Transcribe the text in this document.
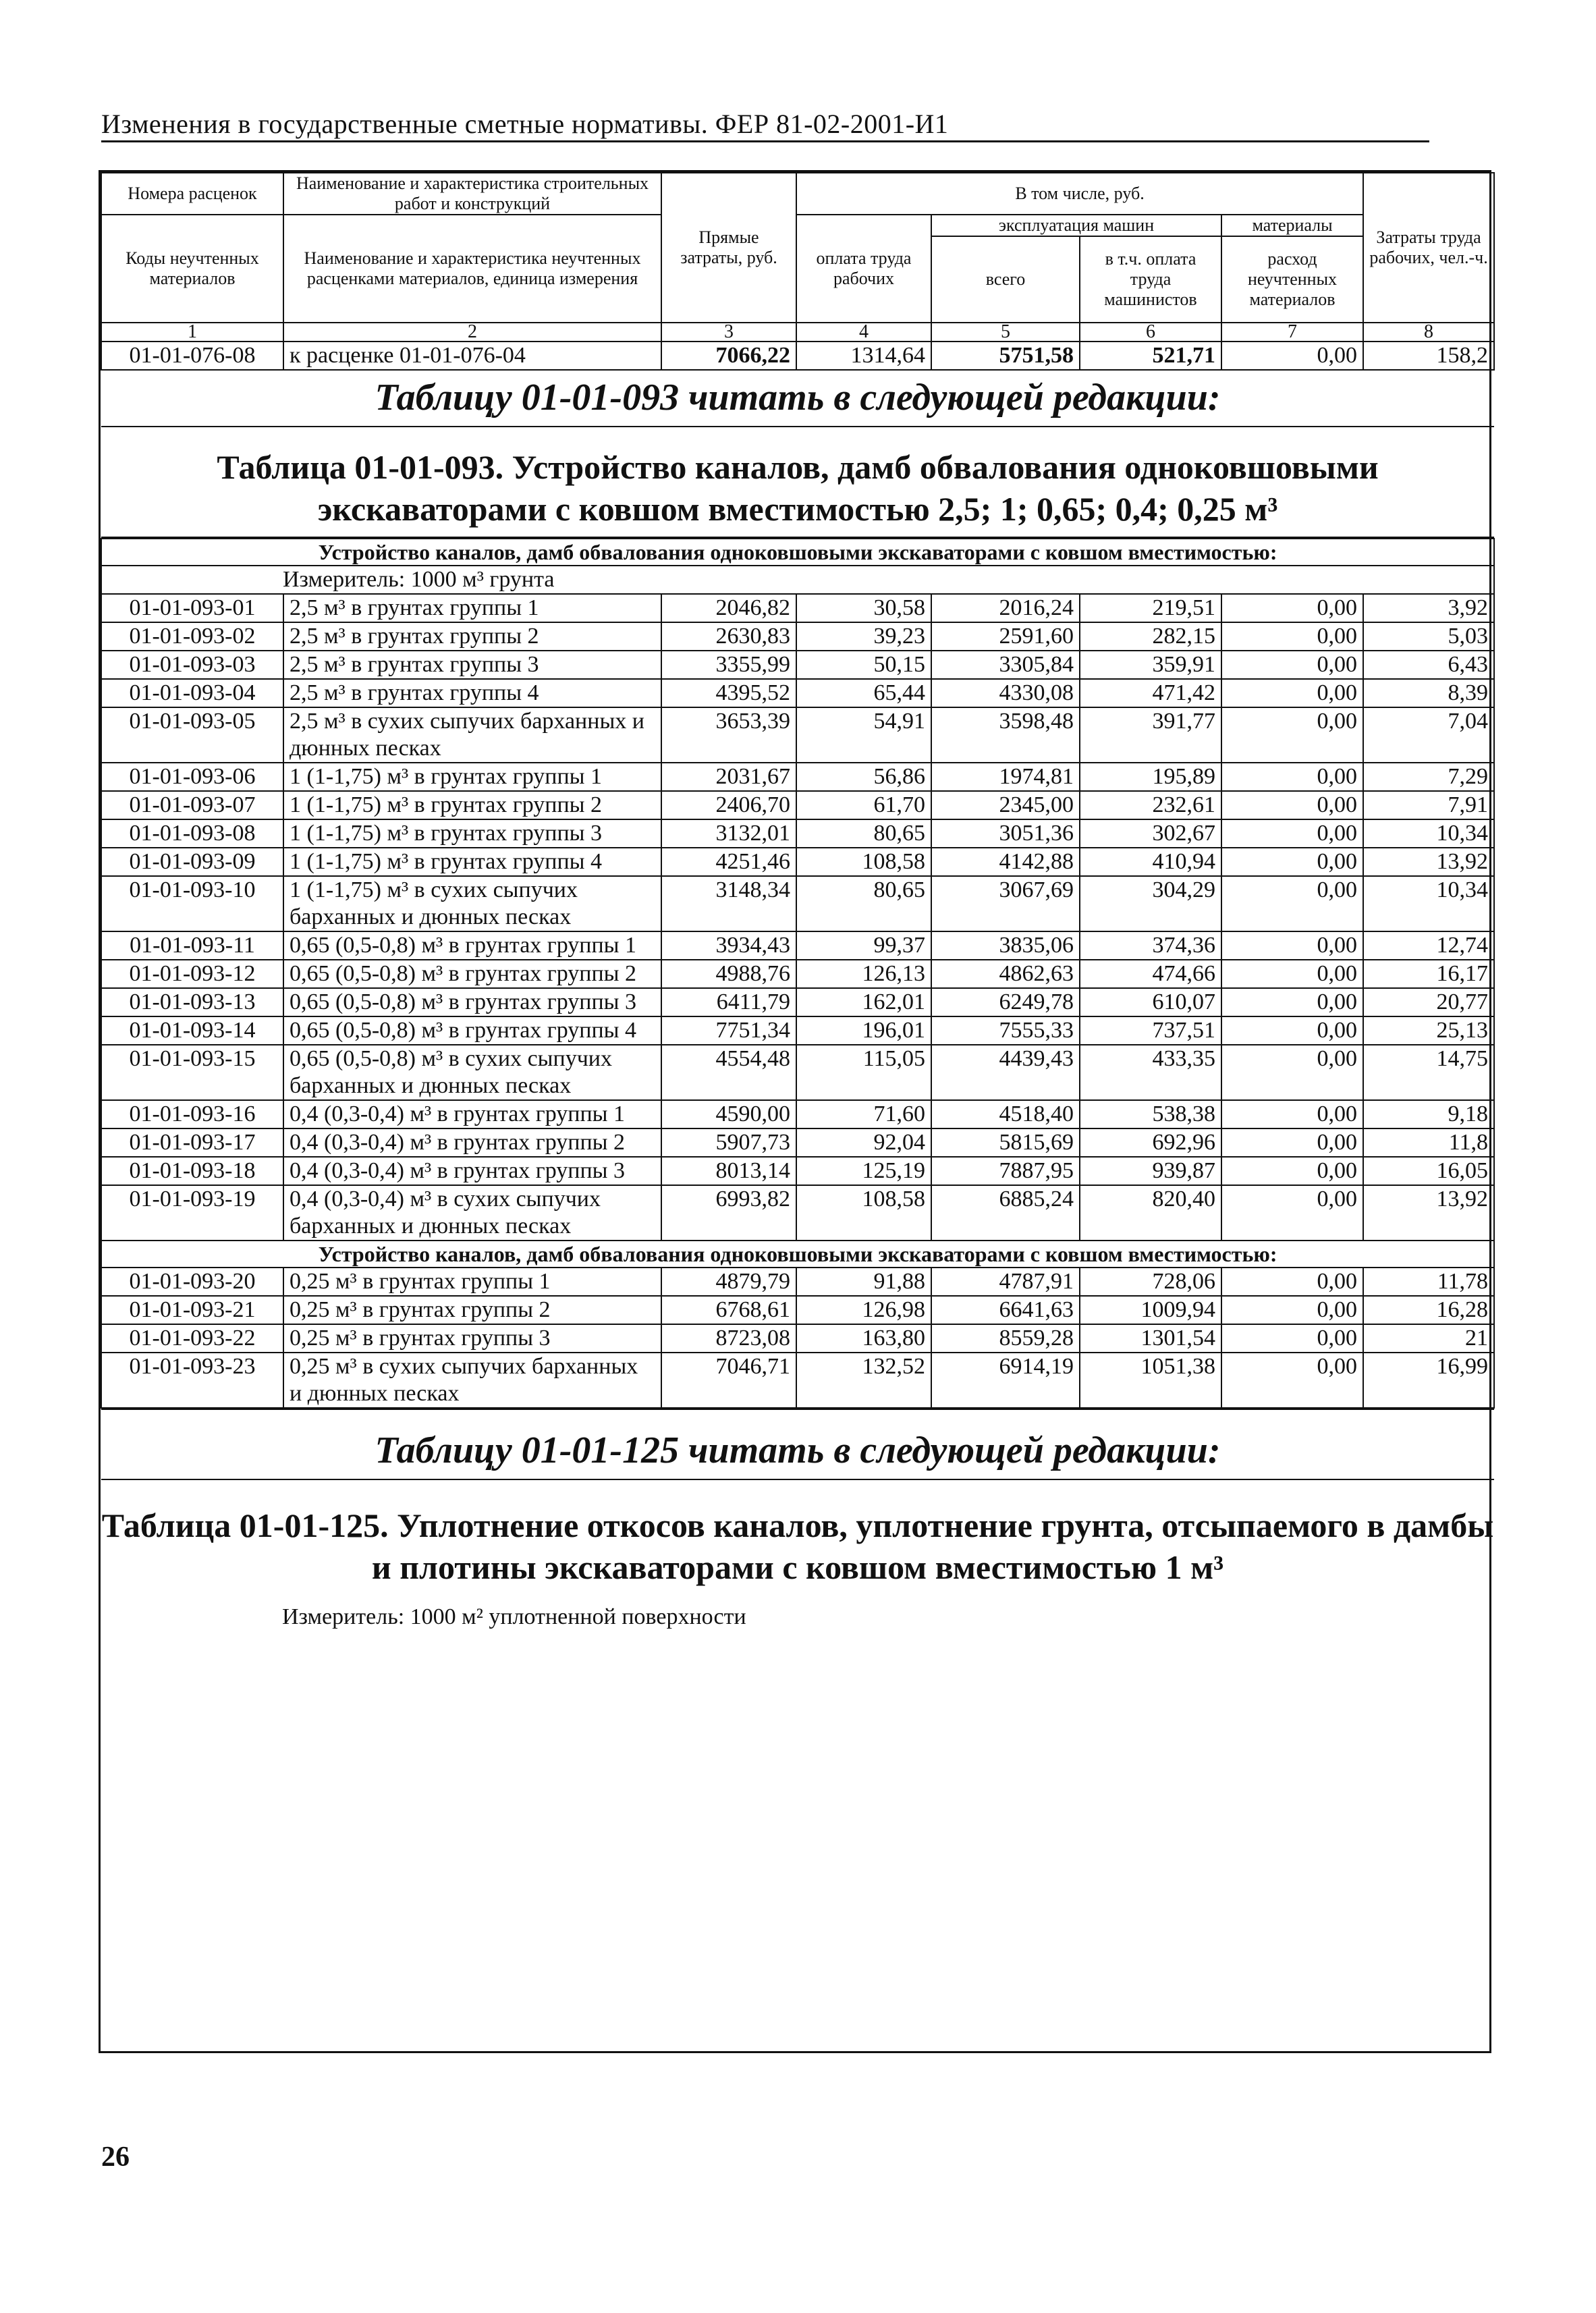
Изменения в государственные сметные нормативы. ФЕР 81-02-2001-И1
Номера расценок	Наименование и характеристика строительных работ и конструкций	Прямые затраты, руб.	В том числе, руб.				Затраты труда рабочих, чел.-ч.
Коды неучтенных материалов	Наименование и характеристика неучтенных расценками материалов, единица измерения		оплата труда рабочих	эксплуатация машин		материалы	
				всего	в т.ч. оплата труда машинистов	расход неучтенных материалов	
1	2	3	4	5	6	7	8
01-01-076-08	к расценке 01-01-076-04	7066,22	1314,64	5751,58	521,71	0,00	158,2

Таблицу 01-01-093 читать в следующей редакции:
Таблица 01-01-093. Устройство каналов, дамб обвалования одноковшовыми экскаваторами с ковшом вместимостью 2,5; 1; 0,65; 0,4; 0,25 м³							

Устройство каналов, дамб обвалования одноковшовыми экскаваторами с ковшом вместимостью:							
Измеритель: 1000 м³ грунта							
01-01-093-01	2,5 м³ в грунтах группы 1	2046,82	30,58	2016,24	219,51	0,00	3,92
01-01-093-02	2,5 м³ в грунтах группы 2	2630,83	39,23	2591,60	282,15	0,00	5,03
01-01-093-03	2,5 м³ в грунтах группы 3	3355,99	50,15	3305,84	359,91	0,00	6,43
01-01-093-04	2,5 м³ в грунтах группы 4	4395,52	65,44	4330,08	471,42	0,00	8,39
01-01-093-05	2,5 м³ в сухих сыпучих барханных и дюнных песках	3653,39	54,91	3598,48	391,77	0,00	7,04
01-01-093-06	1 (1-1,75) м³ в грунтах группы 1	2031,67	56,86	1974,81	195,89	0,00	7,29
01-01-093-07	1 (1-1,75) м³ в грунтах группы 2	2406,70	61,70	2345,00	232,61	0,00	7,91
01-01-093-08	1 (1-1,75) м³ в грунтах группы 3	3132,01	80,65	3051,36	302,67	0,00	10,34
01-01-093-09	1 (1-1,75) м³ в грунтах группы 4	4251,46	108,58	4142,88	410,94	0,00	13,92
01-01-093-10	1 (1-1,75) м³ в сухих сыпучих барханных и дюнных песках	3148,34	80,65	3067,69	304,29	0,00	10,34
01-01-093-11	0,65 (0,5-0,8) м³ в грунтах группы 1	3934,43	99,37	3835,06	374,36	0,00	12,74
01-01-093-12	0,65 (0,5-0,8) м³ в грунтах группы 2	4988,76	126,13	4862,63	474,66	0,00	16,17
01-01-093-13	0,65 (0,5-0,8) м³ в грунтах группы 3	6411,79	162,01	6249,78	610,07	0,00	20,77
01-01-093-14	0,65 (0,5-0,8) м³ в грунтах группы 4	7751,34	196,01	7555,33	737,51	0,00	25,13
01-01-093-15	0,65 (0,5-0,8) м³ в сухих сыпучих барханных и дюнных песках	4554,48	115,05	4439,43	433,35	0,00	14,75
01-01-093-16	0,4 (0,3-0,4) м³ в грунтах группы 1	4590,00	71,60	4518,40	538,38	0,00	9,18
01-01-093-17	0,4 (0,3-0,4) м³ в грунтах группы 2	5907,73	92,04	5815,69	692,96	0,00	11,8
01-01-093-18	0,4 (0,3-0,4) м³ в грунтах группы 3	8013,14	125,19	7887,95	939,87	0,00	16,05
01-01-093-19	0,4 (0,3-0,4) м³ в сухих сыпучих барханных и дюнных песках	6993,82	108,58	6885,24	820,40	0,00	13,92
Устройство каналов, дамб обвалования одноковшовыми экскаваторами с ковшом вместимостью:							
01-01-093-20	0,25 м³ в грунтах группы 1	4879,79	91,88	4787,91	728,06	0,00	11,78
01-01-093-21	0,25 м³ в грунтах группы 2	6768,61	126,98	6641,63	1009,94	0,00	16,28
01-01-093-22	0,25 м³ в грунтах группы 3	8723,08	163,80	8559,28	1301,54	0,00	21
01-01-093-23	0,25 м³ в сухих сыпучих барханных и дюнных песках	7046,71	132,52	6914,19	1051,38	0,00	16,99

Таблицу 01-01-125 читать в следующей редакции:
Таблица 01-01-125. Уплотнение откосов каналов, уплотнение грунта, отсыпаемого в дамбы и плотины экскаваторами с ковшом вместимостью 1 м³
Измеритель: 1000 м² уплотненной поверхности							
26
